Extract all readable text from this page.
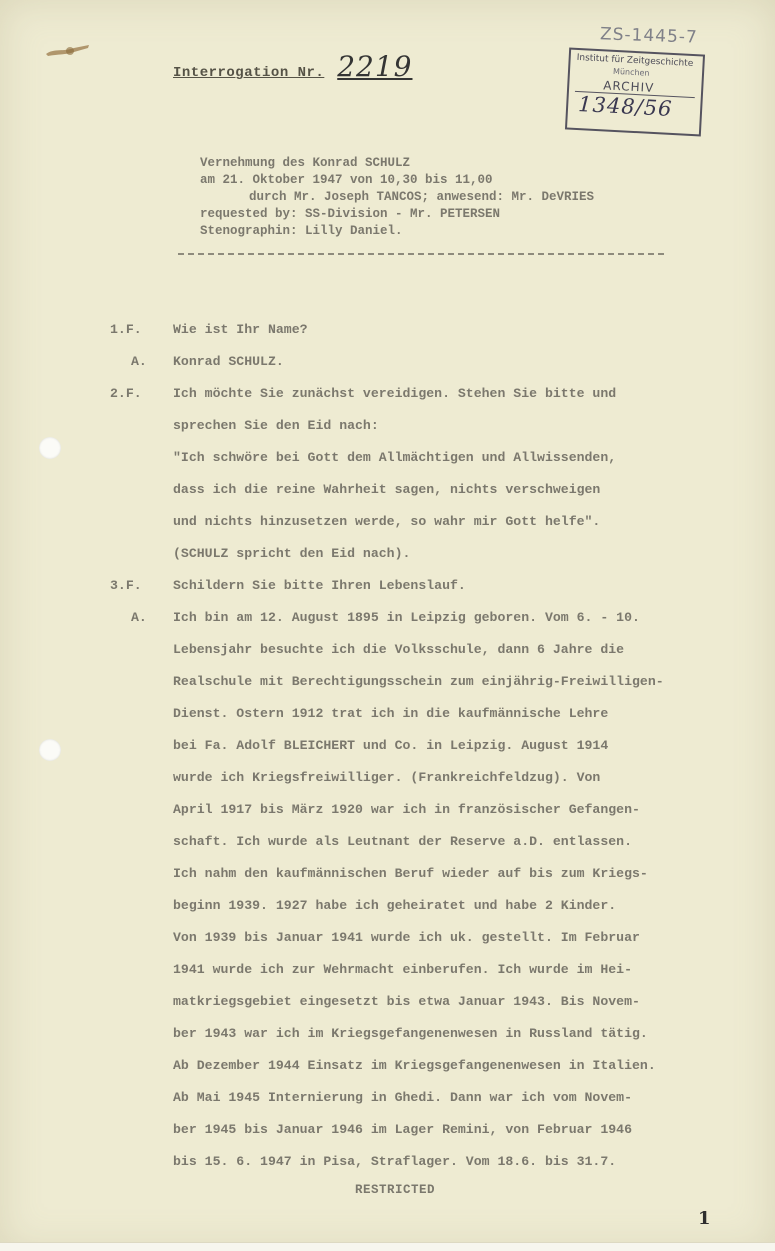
ZS-1445-7
Institut für Zeitgeschichte
München
ARCHIV
1348/56
Interrogation Nr. 2219
Vernehmung des Konrad SCHULZ
am 21. Oktober 1947 von 10,30 bis 11,00
durch Mr. Joseph TANCOS; anwesend: Mr. DeVRIES
requested by: SS-Division - Mr. PETERSEN
Stenographin: Lilly Daniel.
1.F.	Wie ist Ihr Name?
A.	Konrad SCHULZ.
2.F.	Ich möchte Sie zunächst vereidigen. Stehen Sie bitte und
sprechen Sie den Eid nach:
"Ich schwöre bei Gott dem Allmächtigen und Allwissenden,
dass ich die reine Wahrheit sagen, nichts verschweigen
und nichts hinzusetzen werde, so wahr mir Gott helfe".
(SCHULZ spricht den Eid nach).
3.F.	Schildern Sie bitte Ihren Lebenslauf.
A.	Ich bin am 12. August 1895 in Leipzig geboren. Vom 6. - 10.
Lebensjahr besuchte ich die Volksschule, dann 6 Jahre die
Realschule mit Berechtigungsschein zum einjährig-Freiwilligen-
Dienst. Ostern 1912 trat ich in die kaufmännische Lehre
bei Fa. Adolf BLEICHERT und Co. in Leipzig. August 1914
wurde ich Kriegsfreiwilliger. (Frankreichfeldzug). Von
April 1917 bis März 1920 war ich in französischer Gefangen-
schaft. Ich wurde als Leutnant der Reserve a.D. entlassen.
Ich nahm den kaufmännischen Beruf wieder auf bis zum Kriegs-
beginn 1939. 1927 habe ich geheiratet und habe 2 Kinder.
Von 1939 bis Januar 1941 wurde ich uk. gestellt. Im Februar
1941 wurde ich zur Wehrmacht einberufen. Ich wurde im Hei-
matkriegsgebiet eingesetzt bis etwa Januar 1943. Bis Novem-
ber 1943 war ich im Kriegsgefangenenwesen in Russland tätig.
Ab Dezember 1944 Einsatz im Kriegsgefangenenwesen in Italien.
Ab Mai 1945 Internierung in Ghedi. Dann war ich vom Novem-
ber 1945 bis Januar 1946 im Lager Remini, von Februar 1946
bis 15. 6. 1947 in Pisa, Straflager. Vom 18.6. bis 31.7.
RESTRICTED
1
